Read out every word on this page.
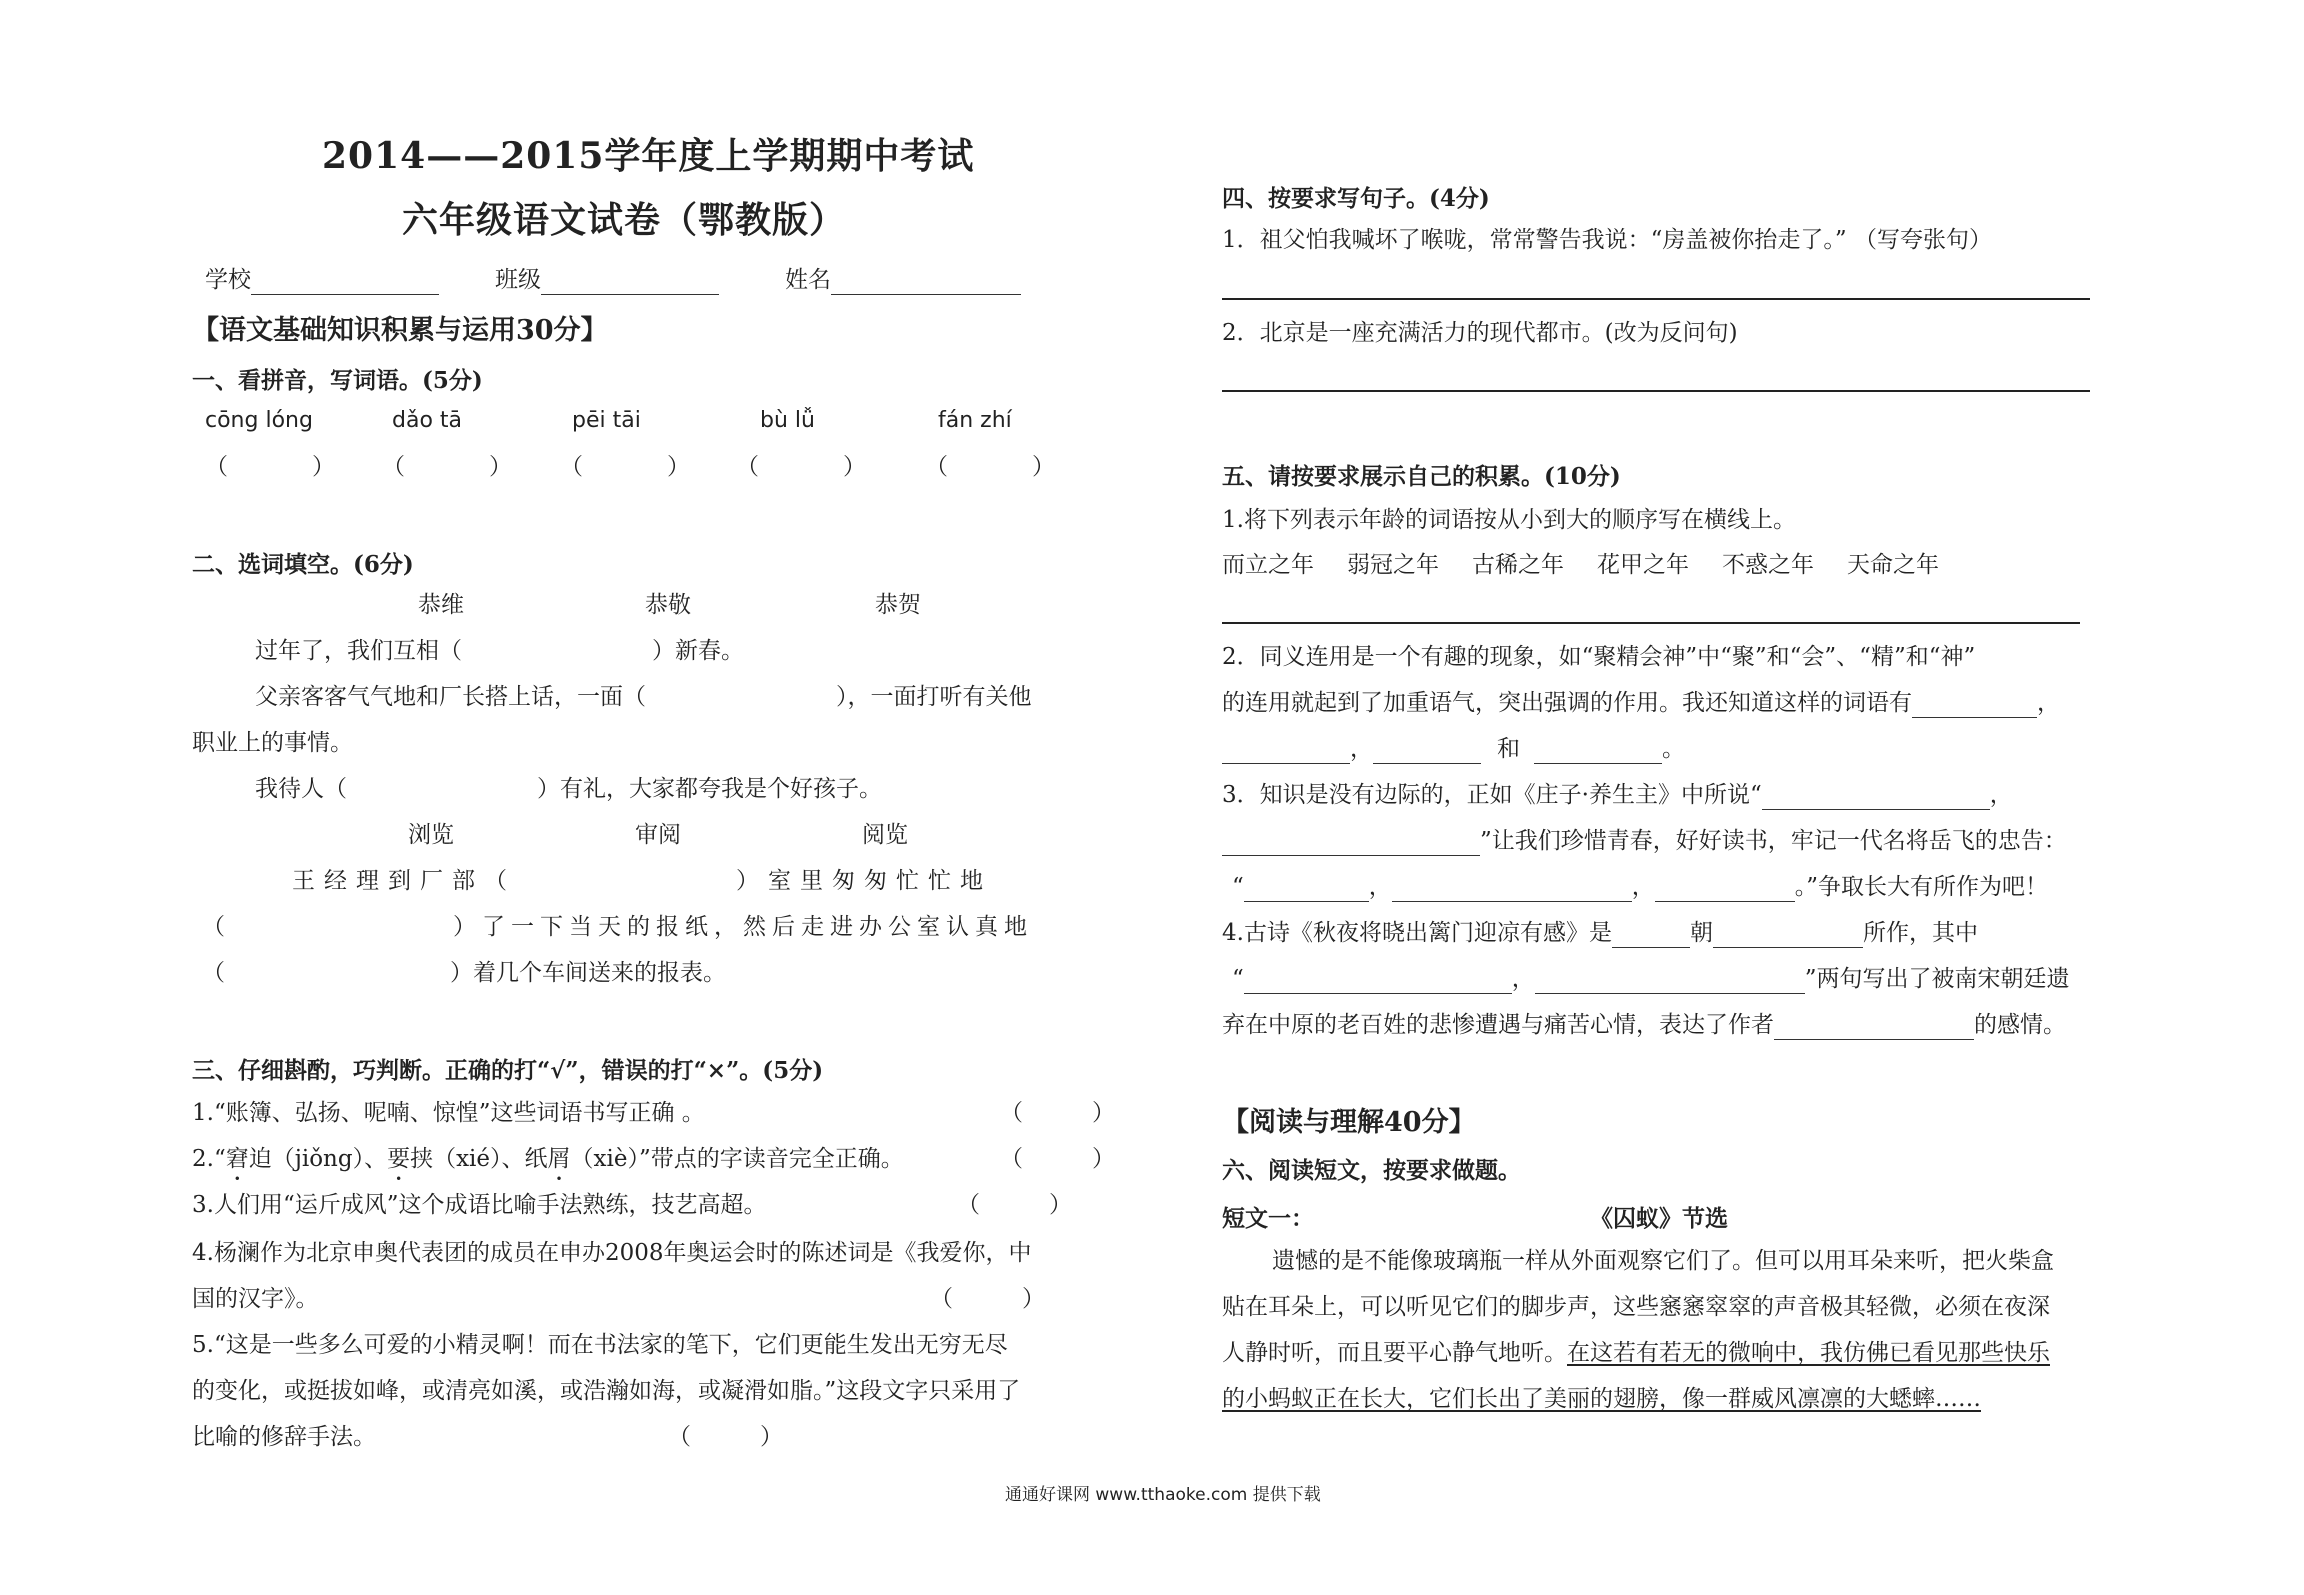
2014——2015学年度上学期期中考试
六年级语文试卷（鄂教版）
学校	班级	姓名
【语文基础知识积累与运用30分】
一、看拼音，写词语。(5分)
cōng lóng	dǎo tā	pēi tāi	bù lǚ	fán zhí
（	） （	） （	） （	）	（	）
二、选词填空。(6分)
恭维	恭敬	恭贺
过年了，我们互相（	）新春。
父亲客客气气地和厂长搭上话，一面（	），一面打听有关他
职业上的事情。
我待人（	）有礼，大家都夸我是个好孩子。
浏览	审阅	阅览
王经理到厂部（	）室里匆匆忙忙地
（	）了一下当天的报纸，然后走进办公室认真地
（	）着几个车间送来的报表。
三、仔细斟酌，巧判断。正确的打“√”，错误的打“×”。(5分)
1.“账簿、弘扬、呢喃、惊惶”这些词语书写正确 。	（　　　）
2.“窘迫（jiǒng）、要挟（xié）、纸屑（xiè）”带点的字读音完全正确。	（　　　）
3.人们用“运斤成风”这个成语比喻手法熟练，技艺高超。	（　　　）
4.杨澜作为北京申奥代表团的成员在申办2008年奥运会时的陈述词是《我爱你，中
国的汉字》。	（　　　）
5.“这是一些多么可爱的小精灵啊！而在书法家的笔下，它们更能生发出无穷无尽
的变化，或挺拔如峰，或清亮如溪，或浩瀚如海，或凝滑如脂。”这段文字只采用了
比喻的修辞手法。	（　　　）
四、按要求写句子。(4分)
1．祖父怕我喊坏了喉咙，常常警告我说：“房盖被你抬走了。” （写夸张句）
2．北京是一座充满活力的现代都市。(改为反问句)
五、请按要求展示自己的积累。(10分)
1.将下列表示年龄的词语按从小到大的顺序写在横线上。
而立之年 弱冠之年 古稀之年 花甲之年 不惑之年 天命之年
2．同义连用是一个有趣的现象，如“聚精会神”中“聚”和“会”、“精”和“神”
的连用就起到了加重语气，突出强调的作用。我还知道这样的词语有	，
，	和	。
3．知识是没有边际的，正如《庄子·养生主》中所说“	，
”让我们珍惜青春，好好读书，牢记一代名将岳飞的忠告：
“	，	，	。”争取长大有所作为吧！
4.古诗《秋夜将晓出篱门迎凉有感》是	朝	所作，其中
“	，	”两句写出了被南宋朝廷遗
弃在中原的老百姓的悲惨遭遇与痛苦心情，表达了作者	的感情。
【阅读与理解40分】
六、阅读短文，按要求做题。
短文一：	《囚蚁》节选
遗憾的是不能像玻璃瓶一样从外面观察它们了。但可以用耳朵来听，把火柴盒
贴在耳朵上，可以听见它们的脚步声，这些窸窸窣窣的声音极其轻微，必须在夜深
人静时听，而且要平心静气地听。在这若有若无的微响中，我仿佛已看见那些快乐
的小蚂蚁正在长大，它们长出了美丽的翅膀，像一群威风凛凛的大蟋蟀……
通通好课网 www.tthaoke.com 提供下载
